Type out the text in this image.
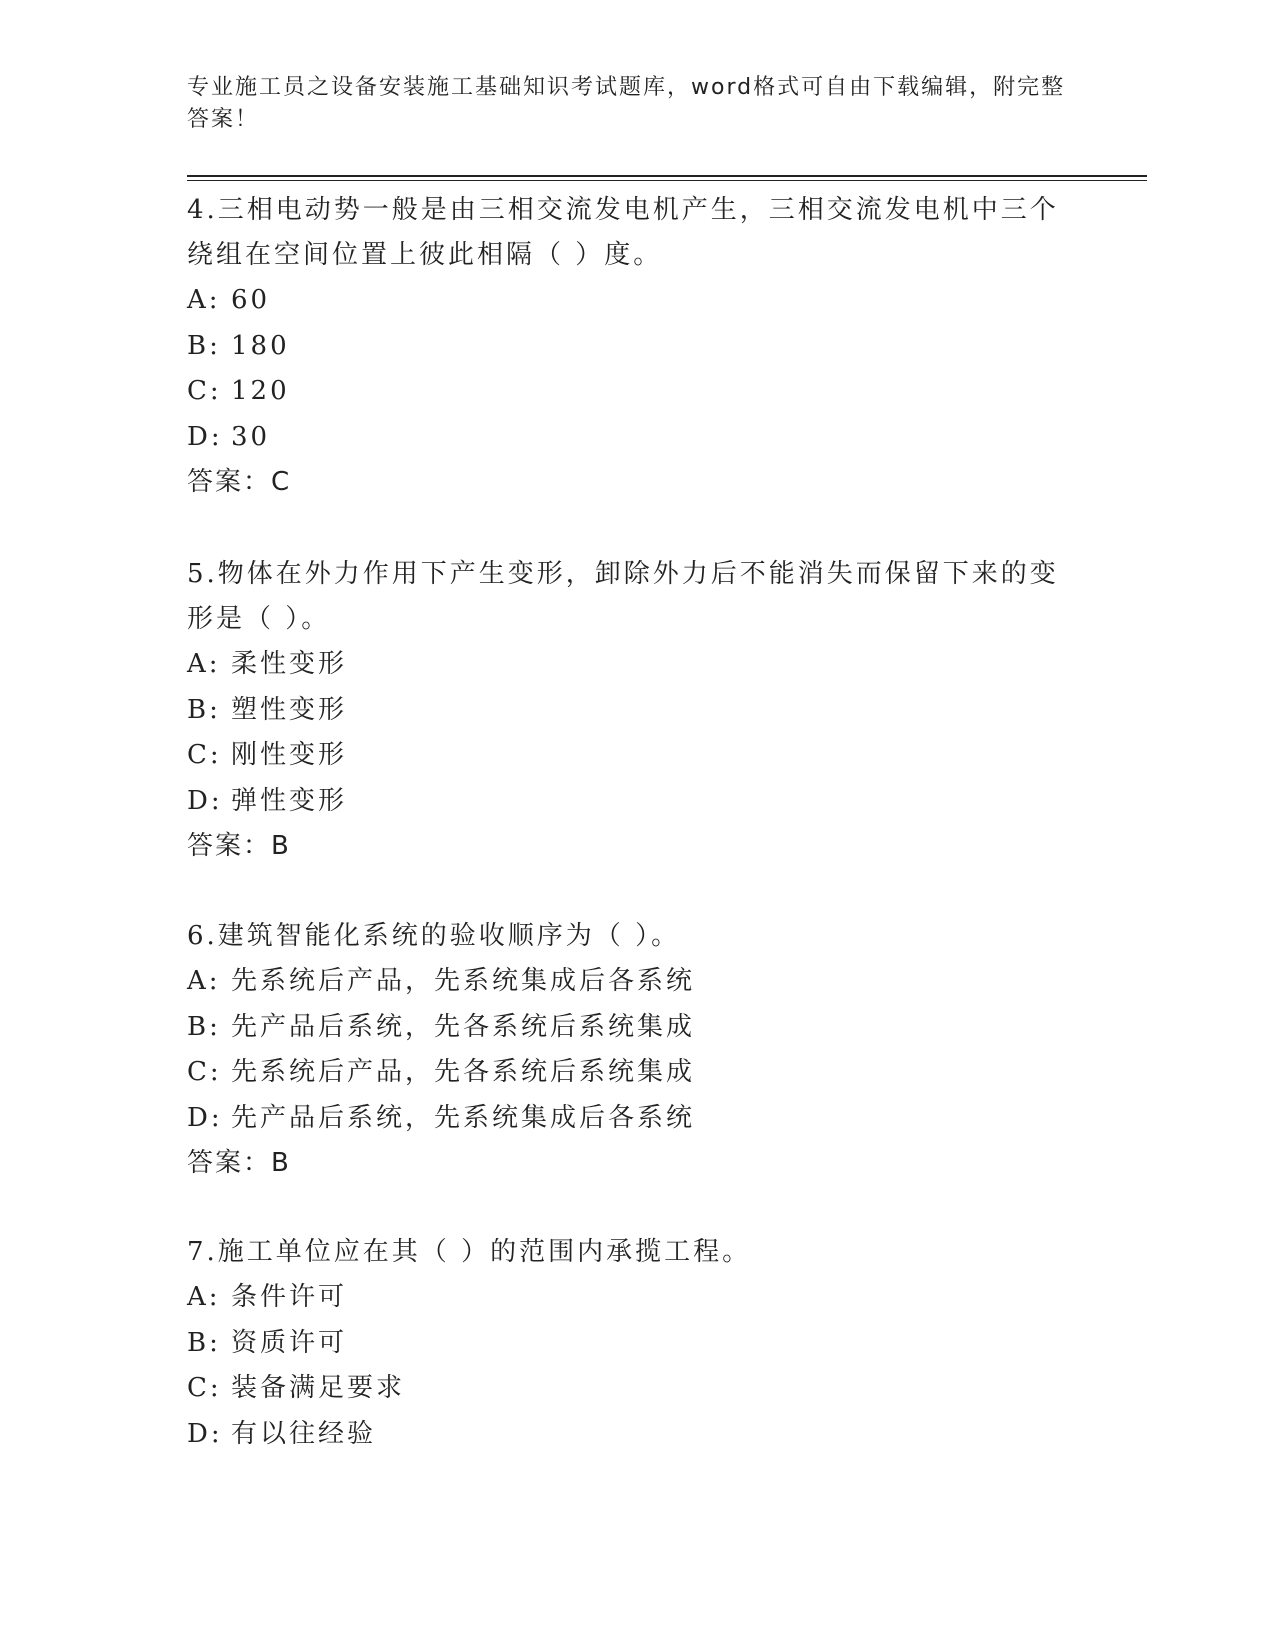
专业施工员之设备安装施工基础知识考试题库，word格式可自由下载编辑，附完整答案！

4.三相电动势一般是由三相交流发电机产生，三相交流发电机中三个绕组在空间位置上彼此相隔（ ）度。

A: 60

B: 180

C: 120

D: 30

答案：C

5.物体在外力作用下产生变形，卸除外力后不能消失而保留下来的变形是（ ）。

A: 柔性变形

B: 塑性变形

C: 刚性变形

D: 弹性变形

答案：B

6.建筑智能化系统的验收顺序为（ ）。

A: 先系统后产品，先系统集成后各系统

B: 先产品后系统，先各系统后系统集成

C: 先系统后产品，先各系统后系统集成

D: 先产品后系统，先系统集成后各系统

答案：B

7.施工单位应在其（ ）的范围内承揽工程。

A: 条件许可

B: 资质许可

C: 装备满足要求

D: 有以往经验
